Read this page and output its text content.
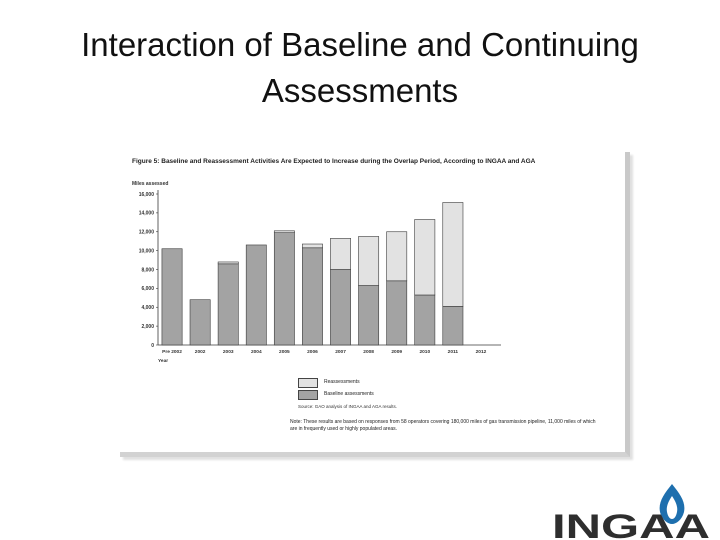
Interaction of Baseline and Continuing Assessments
Figure 5: Baseline and Reassessment Activities Are Expected to Increase during the Overlap Period, According to INGAA and AGA
Miles assessed
0
2,000
4,000
6,000
8,000
10,000
12,000
14,000
16,000
Pre 2002	2002	2003	2004	2005	2006	2007	2008	2009	2010	2011	2012
Year
Reassessments
Baseline assessments
Source: GAO analysis of INGAA and AGA results.
Note: These results are based on responses from 58 operators covering 180,000 miles of gas transmission pipeline, 11,000 miles of which are in frequently used or highly populated areas.
INGAA
